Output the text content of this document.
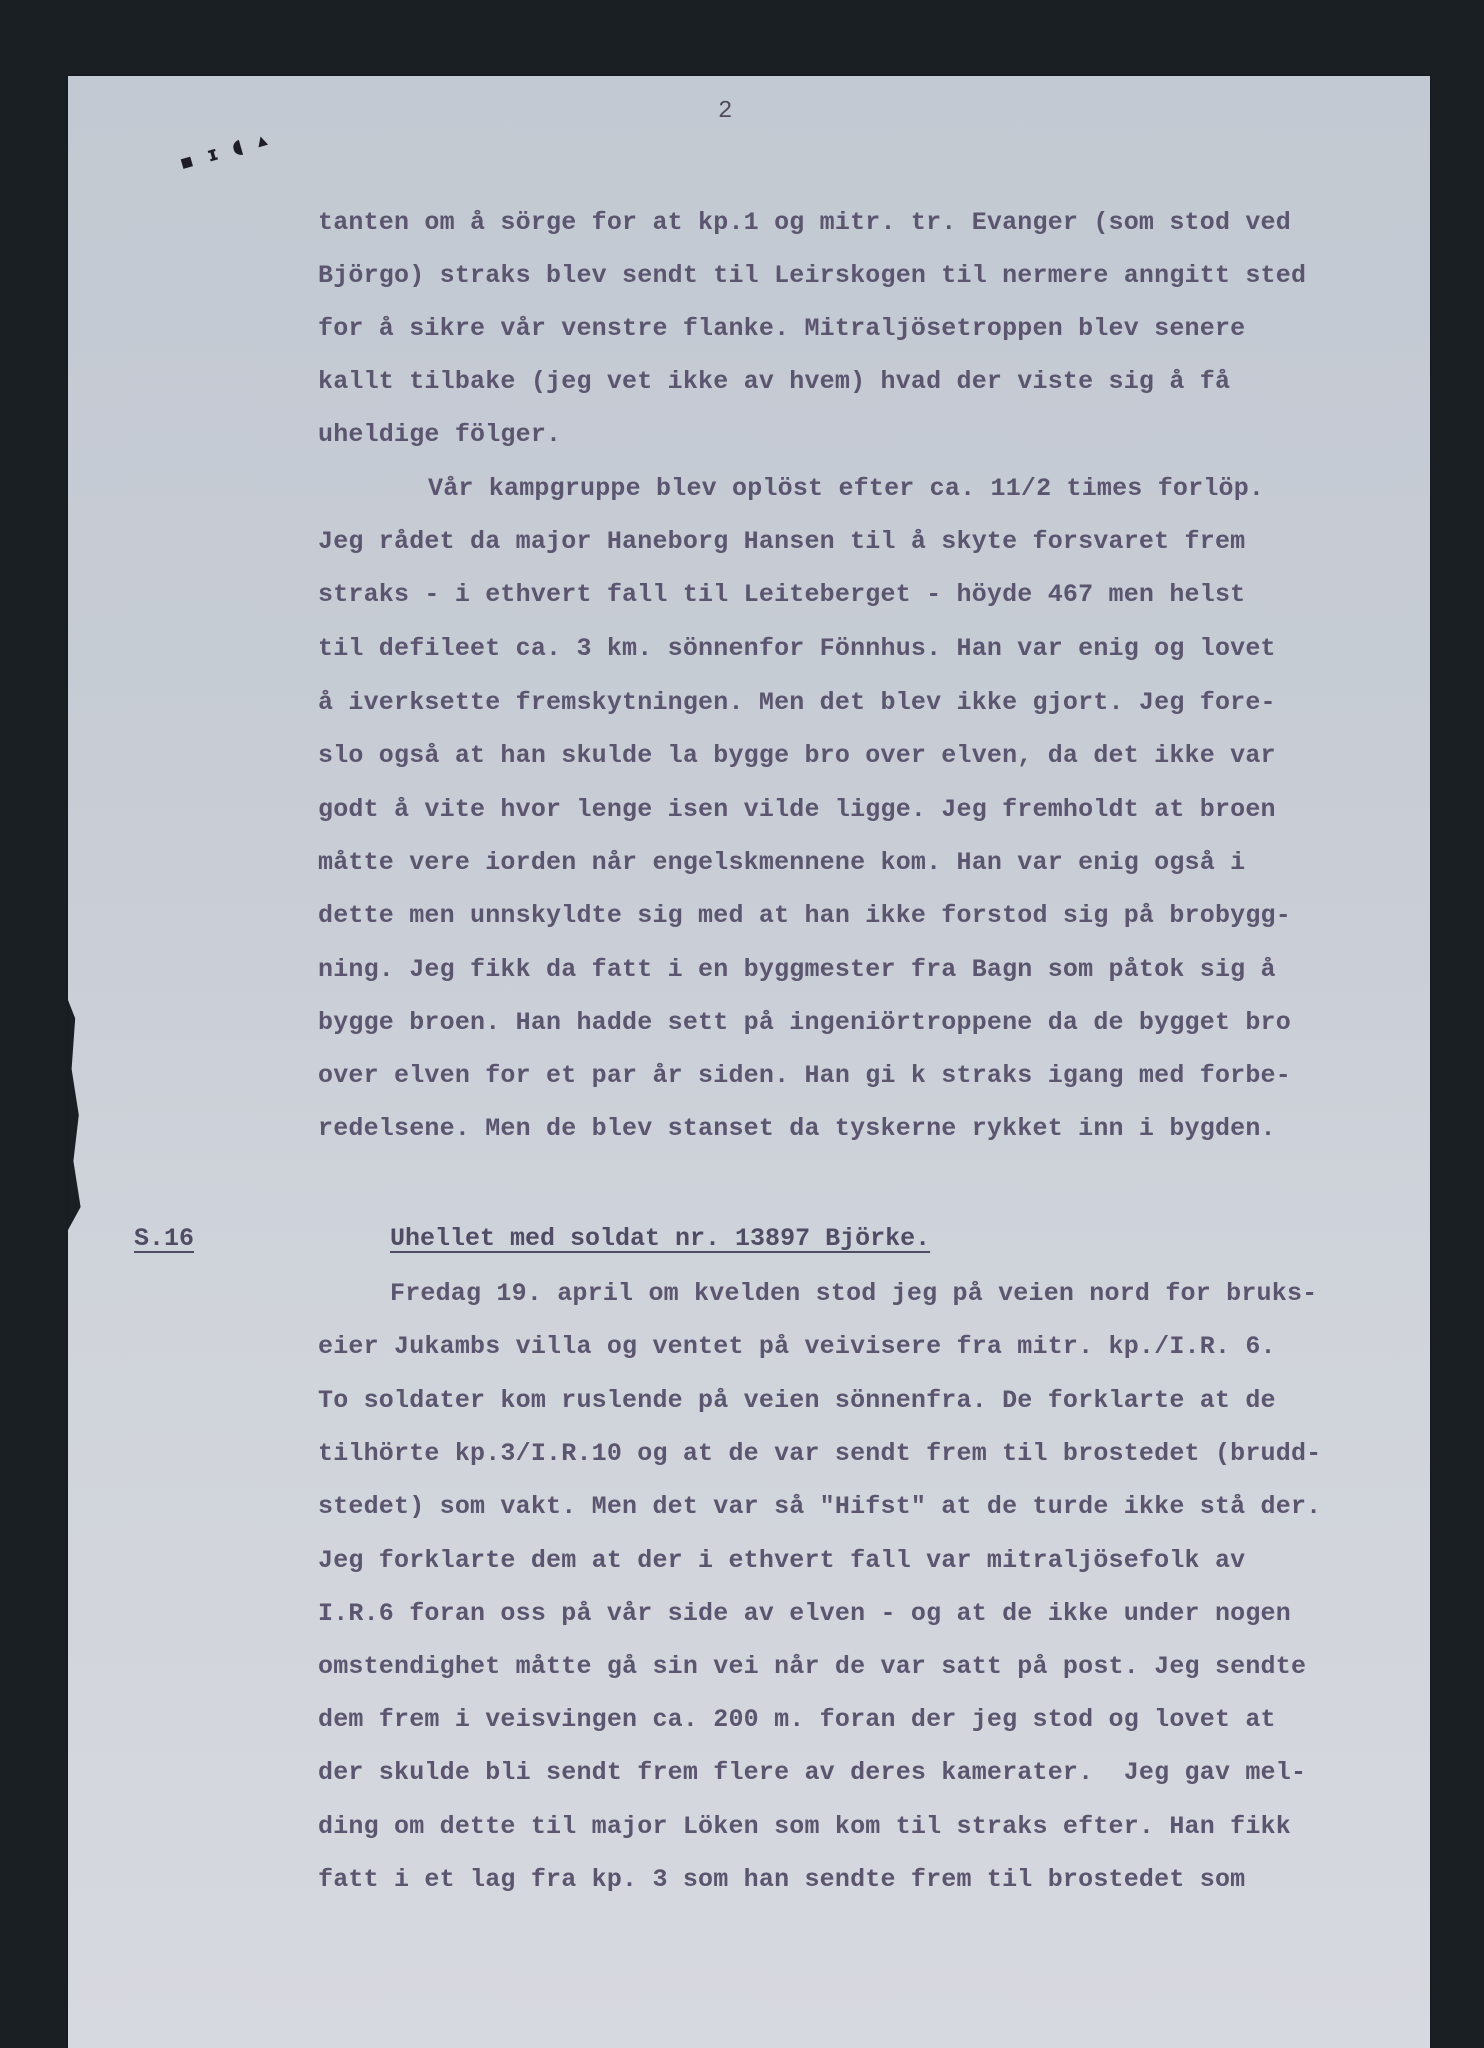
2
▪ ɪ ◖ ▴
tanten om å sörge for at kp.1 og mitr. tr. Evanger (som stod ved
Björgo) straks blev sendt til Leirskogen til nermere anngitt sted
for å sikre vår venstre flanke. Mitraljösetroppen blev senere
kallt tilbake (jeg vet ikke av hvem) hvad der viste sig å få
uheldige fölger.
Vår kampgruppe blev oplöst efter ca. 11/2 times forlöp.
Jeg rådet da major Haneborg Hansen til å skyte forsvaret frem
straks - i ethvert fall til Leiteberget - höyde 467 men helst
til defileet ca. 3 km. sönnenfor Fönnhus. Han var enig og lovet
å iverksette fremskytningen. Men det blev ikke gjort. Jeg fore-
slo også at han skulde la bygge bro over elven, da det ikke var
godt å vite hvor lenge isen vilde ligge. Jeg fremholdt at broen
måtte vere iorden når engelskmennene kom. Han var enig også i
dette men unnskyldte sig med at han ikke forstod sig på brobygg-
ning. Jeg fikk da fatt i en byggmester fra Bagn som påtok sig å
bygge broen. Han hadde sett på ingeniörtroppene da de bygget bro
over elven for et par år siden. Han gi k straks igang med forbe-
redelsene. Men de blev stanset da tyskerne rykket inn i bygden.
S.16	Uhellet med soldat nr. 13897 Björke.
Fredag 19. april om kvelden stod jeg på veien nord for bruks-
eier Jukambs villa og ventet på veivisere fra mitr. kp./I.R. 6.
To soldater kom ruslende på veien sönnenfra. De forklarte at de
tilhörte kp.3/I.R.10 og at de var sendt frem til brostedet (brudd-
stedet) som vakt. Men det var så "Hifst" at de turde ikke stå der.
Jeg forklarte dem at der i ethvert fall var mitraljösefolk av
I.R.6 foran oss på vår side av elven - og at de ikke under nogen
omstendighet måtte gå sin vei når de var satt på post. Jeg sendte
dem frem i veisvingen ca. 200 m. foran der jeg stod og lovet at
der skulde bli sendt frem flere av deres kamerater.  Jeg gav mel-
ding om dette til major Löken som kom til straks efter. Han fikk
fatt i et lag fra kp. 3 som han sendte frem til brostedet som
